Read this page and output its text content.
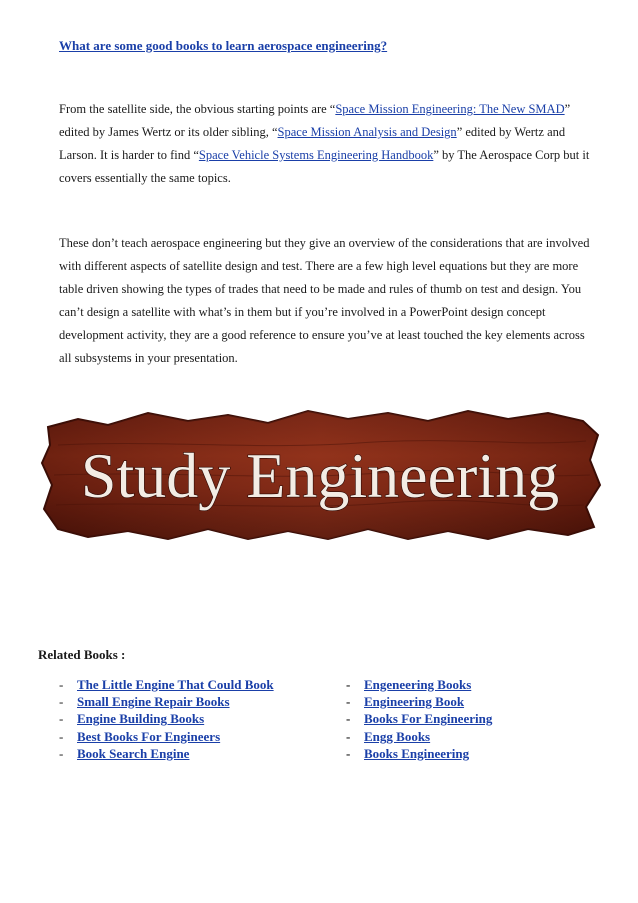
What are some good books to learn aerospace engineering?

From the satellite side, the obvious starting points are “Space Mission Engineering: The New SMAD” edited by James Wertz or its older sibling, “Space Mission Analysis and Design” edited by Wertz and Larson. It is harder to find “Space Vehicle Systems Engineering Handbook” by The Aerospace Corp but it covers essentially the same topics.

These don’t teach aerospace engineering but they give an overview of the considerations that are involved with different aspects of satellite design and test. There are a few high level equations but they are more table driven showing the types of trades that need to be made and rules of thumb on test and design. You can’t design a satellite with what’s in them but if you’re involved in a PowerPoint design concept development activity, they are a good reference to ensure you’ve at least touched the key elements across all subsystems in your presentation.

Study Engineering
Related Books :
-	The Little Engine That Could Book
-	Small Engine Repair Books
-	Engine Building Books
-	Best Books For Engineers
-	Book Search Engine
-	Engeneering Books
-	Engineering Book
-	Books For Engineering
-	Engg Books
-	Books Engineering
